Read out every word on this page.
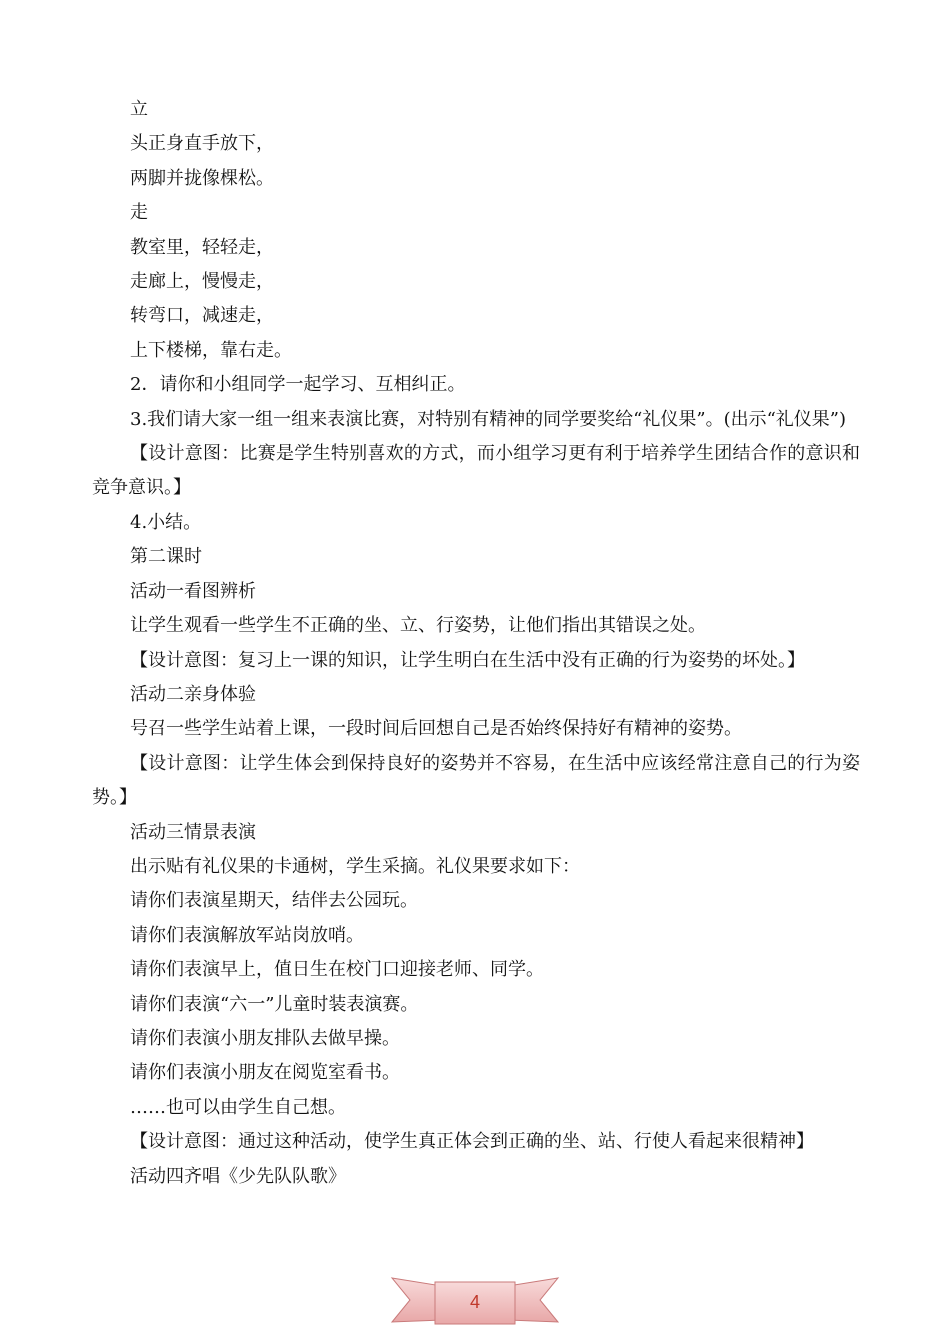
立
头正身直手放下，
两脚并拢像棵松。
走
教室里，轻轻走，
走廊上，慢慢走，
转弯口，减速走，
上下楼梯，靠右走。
2．请你和小组同学一起学习、互相纠正。
3.我们请大家一组一组来表演比赛，对特别有精神的同学要奖给“礼仪果”。(出示“礼仪果”)
【设计意图：比赛是学生特别喜欢的方式，而小组学习更有利于培养学生团结合作的意识和竞争意识。】
4.小结。
第二课时
活动一看图辨析
让学生观看一些学生不正确的坐、立、行姿势，让他们指出其错误之处。
【设计意图：复习上一课的知识，让学生明白在生活中没有正确的行为姿势的坏处。】
活动二亲身体验
号召一些学生站着上课，一段时间后回想自己是否始终保持好有精神的姿势。
【设计意图：让学生体会到保持良好的姿势并不容易，在生活中应该经常注意自己的行为姿势。】
活动三情景表演
出示贴有礼仪果的卡通树，学生采摘。礼仪果要求如下：
请你们表演星期天，结伴去公园玩。
请你们表演解放军站岗放哨。
请你们表演早上，值日生在校门口迎接老师、同学。
请你们表演“六一”儿童时装表演赛。
请你们表演小朋友排队去做早操。
请你们表演小朋友在阅览室看书。
……也可以由学生自己想。
【设计意图：通过这种活动，使学生真正体会到正确的坐、站、行使人看起来很精神】
活动四齐唱《少先队队歌》
4
